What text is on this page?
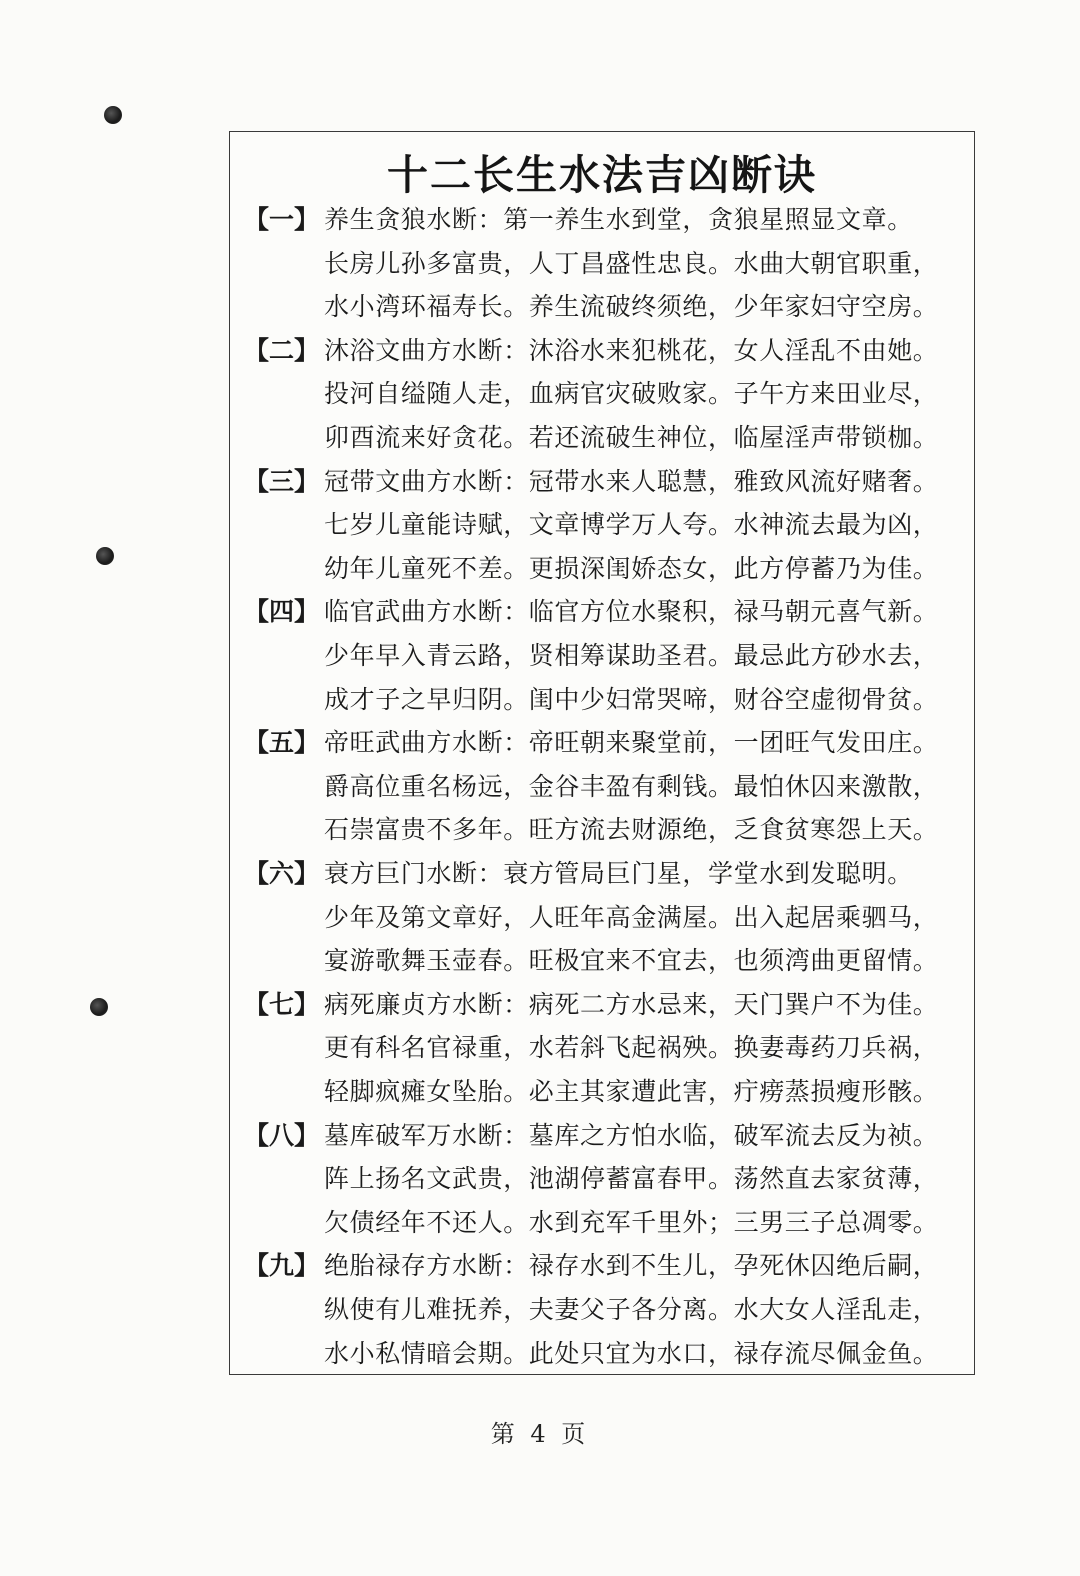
十二长生水法吉凶断诀
【一】 养生贪狼水断：第一养生水到堂，贪狼星照显文章。
长房儿孙多富贵，人丁昌盛性忠良。水曲大朝官职重，
水小湾环福寿长。养生流破终须绝，少年家妇守空房。
【二】 沐浴文曲方水断：沐浴水来犯桃花，女人淫乱不由她。
投河自缢随人走，血病官灾破败家。子午方来田业尽，
卯酉流来好贪花。若还流破生神位，临屋淫声带锁枷。
【三】 冠带文曲方水断：冠带水来人聪慧，雅致风流好赌奢。
七岁儿童能诗赋，文章博学万人夸。水神流去最为凶，
幼年儿童死不差。更损深闺娇态女，此方停蓄乃为佳。
【四】 临官武曲方水断：临官方位水聚积，禄马朝元喜气新。
少年早入青云路，贤相筹谋助圣君。最忌此方砂水去，
成才子之早归阴。闺中少妇常哭啼，财谷空虚彻骨贫。
【五】 帝旺武曲方水断：帝旺朝来聚堂前，一团旺气发田庄。
爵高位重名杨远，金谷丰盈有剩钱。最怕休囚来激散，
石崇富贵不多年。旺方流去财源绝，乏食贫寒怨上天。
【六】 衰方巨门水断：衰方管局巨门星，学堂水到发聪明。
少年及第文章好，人旺年高金满屋。出入起居乘驷马，
宴游歌舞玉壶春。旺极宜来不宜去，也须湾曲更留情。
【七】 病死廉贞方水断：病死二方水忌来，天门巽户不为佳。
更有科名官禄重，水若斜飞起祸殃。换妻毒药刀兵祸，
轻脚疯瘫女坠胎。必主其家遭此害，疔痨蒸损瘦形骸。
【八】 墓库破军万水断：墓库之方怕水临，破军流去反为祯。
阵上扬名文武贵，池湖停蓄富春甲。荡然直去家贫薄，
欠债经年不还人。水到充军千里外；三男三子总凋零。
【九】 绝胎禄存方水断：禄存水到不生儿，孕死休囚绝后嗣，
纵使有儿难抚养，夫妻父子各分离。水大女人淫乱走，
水小私情暗会期。此处只宜为水口，禄存流尽佩金鱼。
第 4 页
